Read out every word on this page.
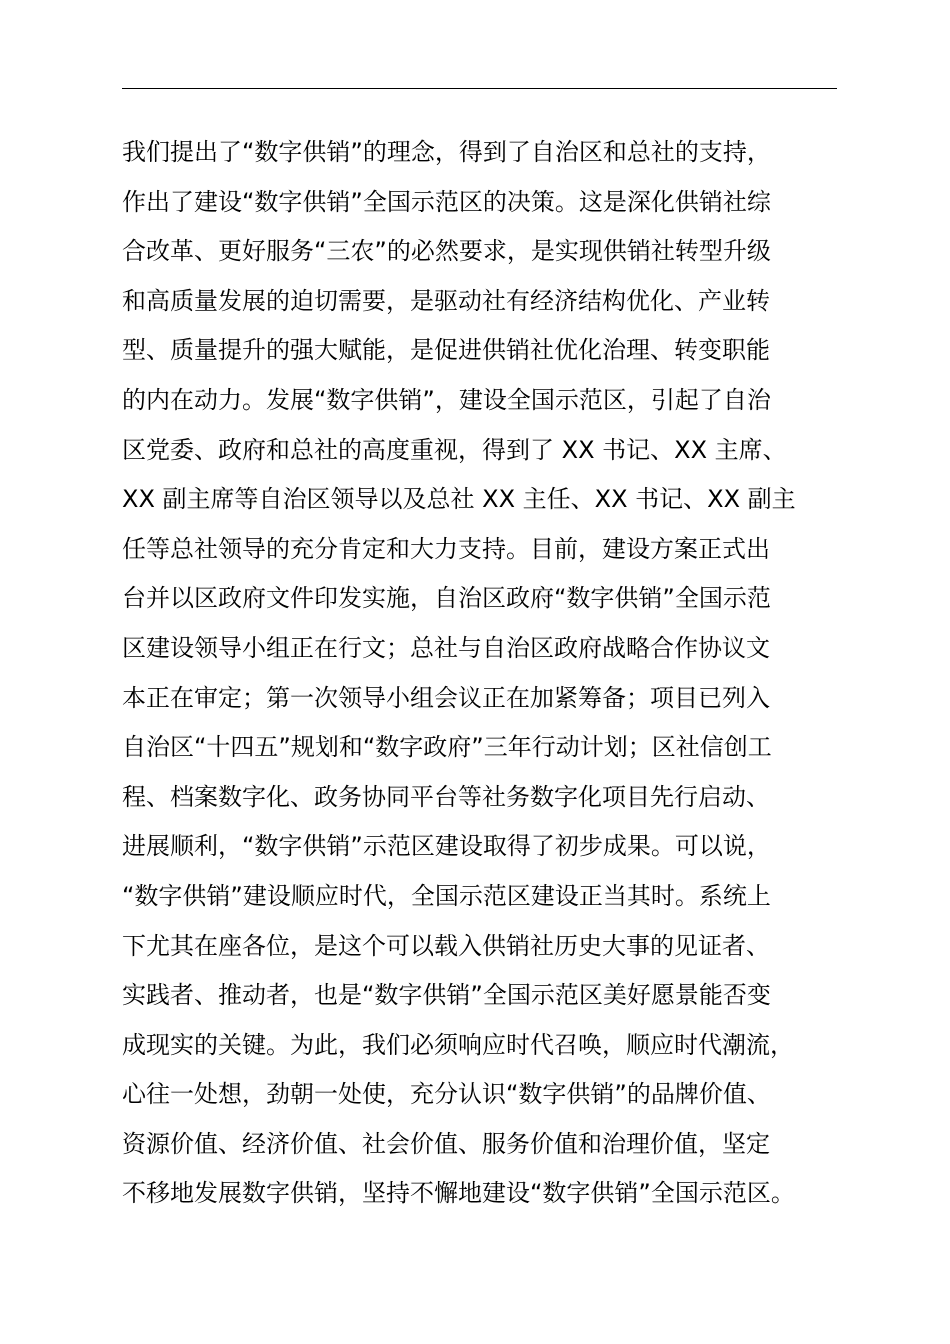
我们提出了“数字供销”的理念，得到了自治区和总社的支持，
作出了建设“数字供销”全国示范区的决策。这是深化供销社综
合改革、更好服务“三农”的必然要求，是实现供销社转型升级
和高质量发展的迫切需要，是驱动社有经济结构优化、产业转
型、质量提升的强大赋能，是促进供销社优化治理、转变职能
的内在动力。发展“数字供销”，建设全国示范区，引起了自治
区党委、政府和总社的高度重视，得到了 XX 书记、XX 主席、
XX 副主席等自治区领导以及总社 XX 主任、XX 书记、XX 副主
任等总社领导的充分肯定和大力支持。目前，建设方案正式出
台并以区政府文件印发实施，自治区政府“数字供销”全国示范
区建设领导小组正在行文；总社与自治区政府战略合作协议文
本正在审定；第一次领导小组会议正在加紧筹备；项目已列入
自治区“十四五”规划和“数字政府”三年行动计划；区社信创工
程、档案数字化、政务协同平台等社务数字化项目先行启动、
进展顺利，“数字供销”示范区建设取得了初步成果。可以说，
“数字供销”建设顺应时代，全国示范区建设正当其时。系统上
下尤其在座各位，是这个可以载入供销社历史大事的见证者、
实践者、推动者，也是“数字供销”全国示范区美好愿景能否变
成现实的关键。为此，我们必须响应时代召唤，顺应时代潮流，
心往一处想，劲朝一处使，充分认识“数字供销”的品牌价值、
资源价值、经济价值、社会价值、服务价值和治理价值，坚定
不移地发展数字供销，坚持不懈地建设“数字供销”全国示范区。
